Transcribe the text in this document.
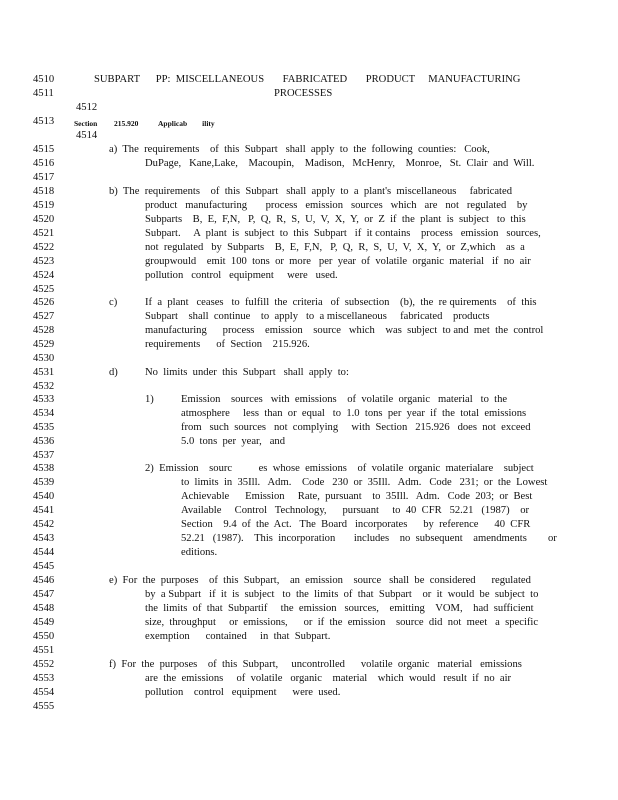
4510
4511
4512
4513
4514
4515
4516
4517
4518
4519
4520
4521
4522
4523
4524
4525
4526
4527
4528
4529
4530
4531
4532
4533
4534
4535
4536
4537
4538
4539
4540
4541
4542
4543
4544
4545
4546
4547
4548
4549
4550
4551
4552
4553
4554
4555
SUBPART      PP:  MISCELLANEOUS       FABRICATED       PRODUCT     MANUFACTURING
PROCESSES
Section 215.920	Applicab        ility
a)  The  requirements    of  this  Subpart   shall  apply  to  the  following  counties:   Cook,
DuPage,   Kane,Lake,    Macoupin,    Madison,   McHenry,    Monroe,   St.  Clair  and  Will.
b)  The  requirements    of  this  Subpart   shall  apply  to  a  plant's  miscellaneous     fabricated
product   manufacturing       process   emission   sources   which   are   not   regulated    by
Subparts    B,  E,  F,N,   P,  Q,  R,  S,  U,  V,  X,  Y,  or  Z  if  the  plant  is  subject   to  this
Subpart.     A  plant  is  subject  to  this  Subpart   if  it contains    process   emission   sources,
not  regulated   by  Subparts    B,  E,  F,N,   P,  Q,  R,  S,  U,  V,  X,  Y,  or  Z,which    as  a
groupwould    emit  100  tons  or  more   per  year  of  volatile  organic  material   if  no  air
pollution   control   equipment     were   used.
c)	If  a  plant   ceases   to  fulfill  the  criteria   of  subsection    (b),  the  re quirements    of  this
Subpart    shall  continue    to  apply   to  a miscellaneous     fabricated    products
manufacturing      process    emission    source   which    was  subject  to and  met  the  control
requirements      of  Section    215.926.
d)	No  limits  under  this  Subpart   shall  apply  to:
1)	Emission    sources   with  emissions    of  volatile  organic   material   to  the
atmosphere     less  than  or  equal   to  1.0  tons  per  year  if  the  total  emissions
from   such  sources   not  complying     with  Section   215.926   does  not  exceed
5.0  tons  per  year,   and
2)  Emission    sourc          es  whose  emissions    of  volatile  organic  materialare    subject
to  limits  in  35Ill.   Adm.    Code   230  or  35Ill.   Adm.   Code   231;  or  the  Lowest
Achievable      Emission     Rate,  pursuant    to  35Ill.   Adm.   Code  203;  or  Best
Available     Control   Technology,      pursuant     to  40  CFR   52.21   (1987)    or
Section    9.4  of  the  Act.   The  Board   incorporates      by  reference      40  CFR
52.21   (1987).    This  incorporation       includes    no  subsequent    amendments        or
editions.
e)  For  the  purposes    of  this  Subpart,    an  emission    source   shall  be  considered      regulated
by  a Subpart   if  it  is  subject   to  the  limits  of  that  Subpart    or  it  would  be  subject  to
the  limits  of  that  Subpartif     the  emission   sources,    emitting    VOM,    had  sufficient
size,  throughput     or  emissions,      or  if  the  emission    source  did  not  meet   a  specific
exemption      contained     in  that  Subpart.
f)  For  the  purposes    of  this  Subpart,     uncontrolled      volatile  organic   material   emissions
are  the  emissions     of  volatile   organic    material    which  would   result  if  no  air
pollution    control   equipment      were  used.
